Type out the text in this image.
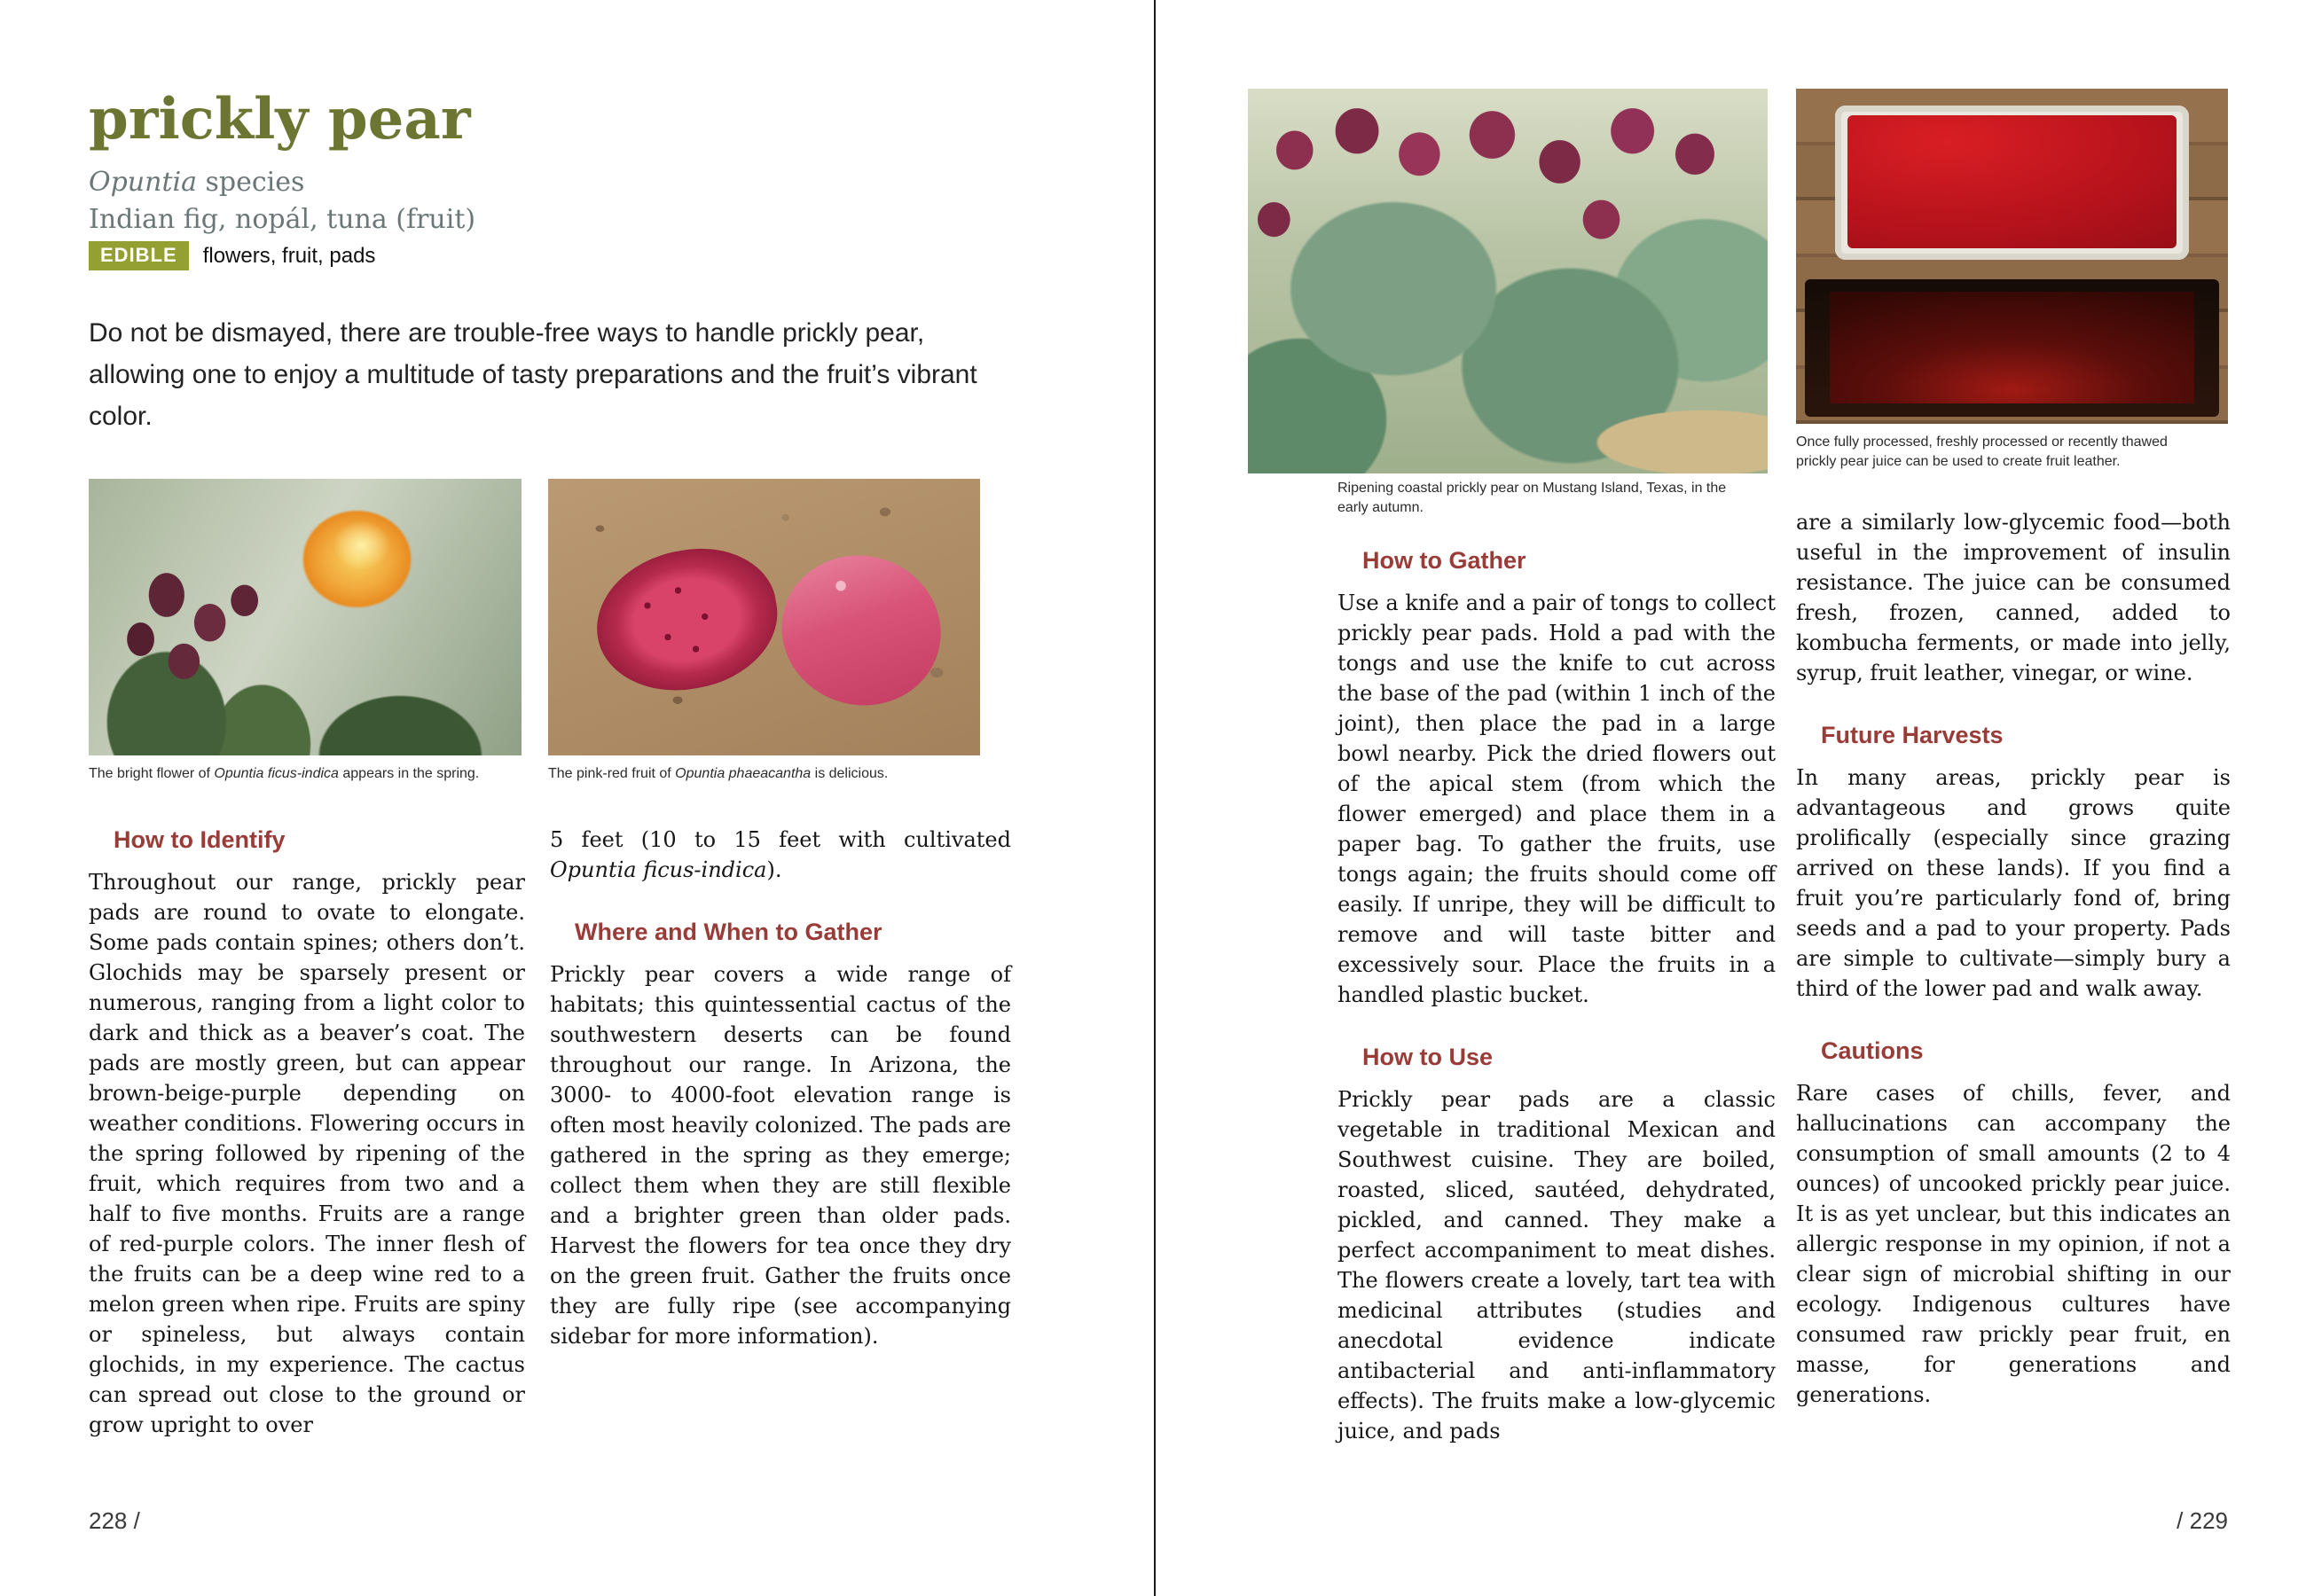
prickly pear
Opuntia species
Indian fig, nopál, tuna (fruit)
EDIBLE	flowers, fruit, pads
Do not be dismayed, there are trouble-free ways to handle prickly pear, allowing one to enjoy a multitude of tasty preparations and the fruit’s vibrant color.
The bright flower of Opuntia ficus-indica appears in the spring.	The pink-red fruit of Opuntia phaeacantha is delicious.
How to Identify

Throughout our range, prickly pear pads are round to ovate to elongate. Some pads contain spines; others don’t. Glochids may be sparsely present or numerous, ranging from a light color to dark and thick as a beaver’s coat. The pads are mostly green, but can appear brown-beige-purple depending on weather conditions. Flowering occurs in the spring followed by ripening of the fruit, which requires from two and a half to five months. Fruits are a range of red-purple colors. The inner flesh of the fruits can be a deep wine red to a melon green when ripe. Fruits are spiny or spineless, but always contain glochids, in my experience. The cactus can spread out close to the ground or grow upright to over

5 feet (10 to 15 feet with cultivated Opuntia ficus-indica).

Where and When to Gather

Prickly pear covers a wide range of habitats; this quintessential cactus of the southwestern deserts can be found throughout our range. In Arizona, the 3000- to 4000-foot elevation range is often most heavily colonized. The pads are gathered in the spring as they emerge; collect them when they are still flexible and a brighter green than older pads. Harvest the flowers for tea once they dry on the green fruit. Gather the fruits once they are fully ripe (see accompanying sidebar for more information).

228 /
Once fully processed, freshly processed or recently thawed prickly pear juice can be used to create fruit leather.
Ripening coastal prickly pear on Mustang Island, Texas, in the early autumn.
How to Gather

Use a knife and a pair of tongs to collect prickly pear pads. Hold a pad with the tongs and use the knife to cut across the base of the pad (within 1 inch of the joint), then place the pad in a large bowl nearby. Pick the dried flowers out of the apical stem (from which the flower emerged) and place them in a paper bag. To gather the fruits, use tongs again; the fruits should come off easily. If unripe, they will be difficult to remove and will taste bitter and excessively sour. Place the fruits in a handled plastic bucket.

How to Use

Prickly pear pads are a classic vegetable in traditional Mexican and Southwest cuisine. They are boiled, roasted, sliced, sautéed, dehydrated, pickled, and canned. They make a perfect accompaniment to meat dishes. The flowers create a lovely, tart tea with medicinal attributes (studies and anecdotal evidence indicate antibacterial and anti-inflammatory effects). The fruits make a low-glycemic juice, and pads

are a similarly low-glycemic food—both useful in the improvement of insulin resistance. The juice can be consumed fresh, frozen, canned, added to kombucha ferments, or made into jelly, syrup, fruit leather, vinegar, or wine.

Future Harvests

In many areas, prickly pear is advantageous and grows quite prolifically (especially since grazing arrived on these lands). If you find a fruit you’re particularly fond of, bring seeds and a pad to your property. Pads are simple to cultivate—simply bury a third of the lower pad and walk away.

Cautions

Rare cases of chills, fever, and hallucinations can accompany the consumption of small amounts (2 to 4 ounces) of uncooked prickly pear juice. It is as yet unclear, but this indicates an allergic response in my opinion, if not a clear sign of microbial shifting in our ecology. Indigenous cultures have consumed raw prickly pear fruit, en masse, for generations and generations.

/ 229
